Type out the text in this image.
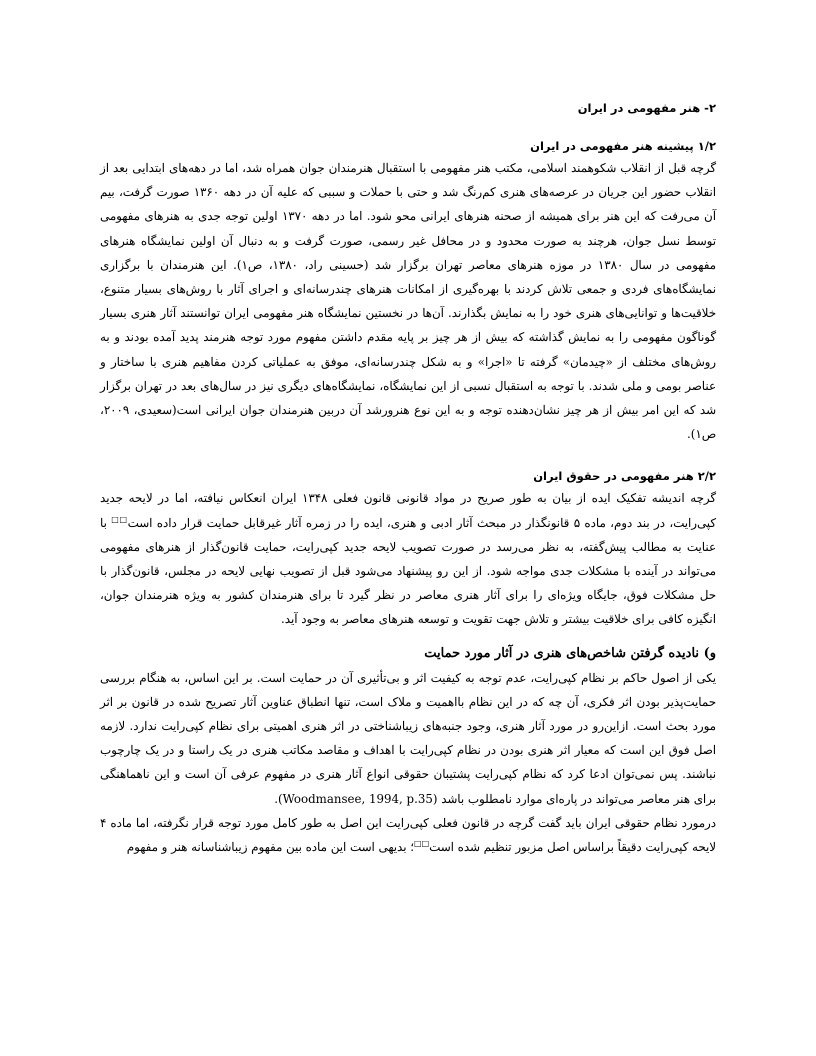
۲- هنر مفهومی در ایران
۱/۲ پیشینه هنر مفهومی در ایران

گرچه قبل از انقلاب شکوهمند اسلامی، مکتب هنر مفهومی با استقبال هنرمندان جوان همراه شد، اما در دهه‌های ابتدایی بعد از انقلاب حضور این جریان در عرصه‌های هنری کم‌رنگ شد و حتی با حملات و سببی که علیه آن در دهه ۱۳۶۰ صورت گرفت، بیم آن می‌رفت که این هنر برای همیشه از صحنه هنرهای ایرانی محو شود. اما در دهه ۱۳۷۰ اولین توجه جدی به هنرهای مفهومی توسط نسل جوان، هرچند به صورت محدود و در محافل غیر رسمی، صورت گرفت و به دنبال آن اولین نمایشگاه هنرهای مفهومی در سال ۱۳۸۰ در موزه هنرهای معاصر تهران برگزار شد (حسینی راد، ۱۳۸۰، ص۱). این هنرمندان با برگزاری نمایشگاه‌های فردی و جمعی تلاش کردند با بهره‌گیری از امکانات هنرهای چندرسانه‌ای و اجرای آثار با روش‌های بسیار متنوع، خلاقیت‌ها و توانایی‌های هنری خود را به نمایش بگذارند. آن‌ها در نخستین نمایشگاه هنر مفهومی ایران توانستند آثار هنری بسیار گوناگون مفهومی را به نمایش گذاشته که بیش از هر چیز بر پایه مقدم داشتن مفهوم مورد توجه هنرمند پدید آمده بودند و به روش‌های مختلف از «چیدمان» گرفته تا «اجرا» و به شکل چندرسانه‌ای، موفق به عملیاتی کردن مفاهیم هنری با ساختار و عناصر بومی و ملی شدند. با توجه به استقبال نسبی از این نمایشگاه، نمایشگاه‌های دیگری نیز در سال‌های بعد در تهران برگزار شد که این امر بیش از هر چیز نشان‌دهنده توجه و به این نوع هنرورشد آن دربین هنرمندان جوان ایرانی است(سعیدی، ۲۰۰۹، ص۱).

۲/۲ هنر مفهومی در حقوق ایران

گرچه اندیشه تفکیک ایده از بیان به طور صریح در مواد قانونی قانون فعلی ۱۳۴۸ ایران انعکاس نیافته، اما در لایحه جدید کپی‌رایت، در بند دوم، ماده ۵ قانونگذار در مبحث آثار ادبی و هنری، ایده را در زمره آثار غیرقابل حمایت قرار داده است□□ با عنایت به مطالب پیش‌گفته، به نظر می‌رسد در صورت تصویب لایحه جدید کپی‌رایت، حمایت قانون‌گذار از هنرهای مفهومی می‌تواند در آینده با مشکلات جدی مواجه شود. از این رو پیشنهاد می‌شود قبل از تصویب نهایی لایحه در مجلس، قانون‌گذار با حل مشکلات فوق، جایگاه ویژه‌ای را برای آثار هنری معاصر در نظر گیرد تا برای هنرمندان کشور به ویژه هنرمندان جوان، انگیزه کافی برای خلاقیت بیشتر و تلاش جهت تقویت و توسعه هنرهای معاصر به وجود آید.

و) نادیده گرفتن شاخص‌های هنری در آثار مورد حمایت

یکی از اصول حاکم بر نظام کپی‌رایت، عدم توجه به کیفیت اثر و بی‌تأثیری آن در حمایت است. بر این اساس، به هنگام بررسی حمایت‌پذیر بودن اثر فکری، آن چه که در این نظام بااهمیت و ملاک است، تنها انطباق عناوین آثار تصریح شده در قانون بر اثر مورد بحث است. ازاین‌رو در مورد آثار هنری، وجود جنبه‌های زیباشناختی در اثر هنری اهمیتی برای نظام کپی‌رایت ندارد. لازمه اصل فوق این است که معیار اثر هنری بودن در نظام کپی‌رایت با اهداف و مقاصد مکاتب هنری در یک راستا و در یک چارچوب نباشند. پس نمی‌توان ادعا کرد که نظام کپی‌رایت پشتیبان حقوقی انواع آثار هنری در مفهوم عرفی آن است و این ناهماهنگی برای هنر معاصر می‌تواند در پاره‌ای موارد نامطلوب باشد (Woodmansee, 1994, p.35).

درمورد نظام حقوقی ایران باید گفت گرچه در قانون فعلی کپی‌رایت این اصل به طور کامل مورد توجه قرار نگرفته، اما ماده ۴ لایحه کپی‌رایت دقیقاً براساس اصل مزبور تنظیم شده است□□؛ بدیهی است این ماده بین مفهوم زیباشناسانه هنر و مفهوم
